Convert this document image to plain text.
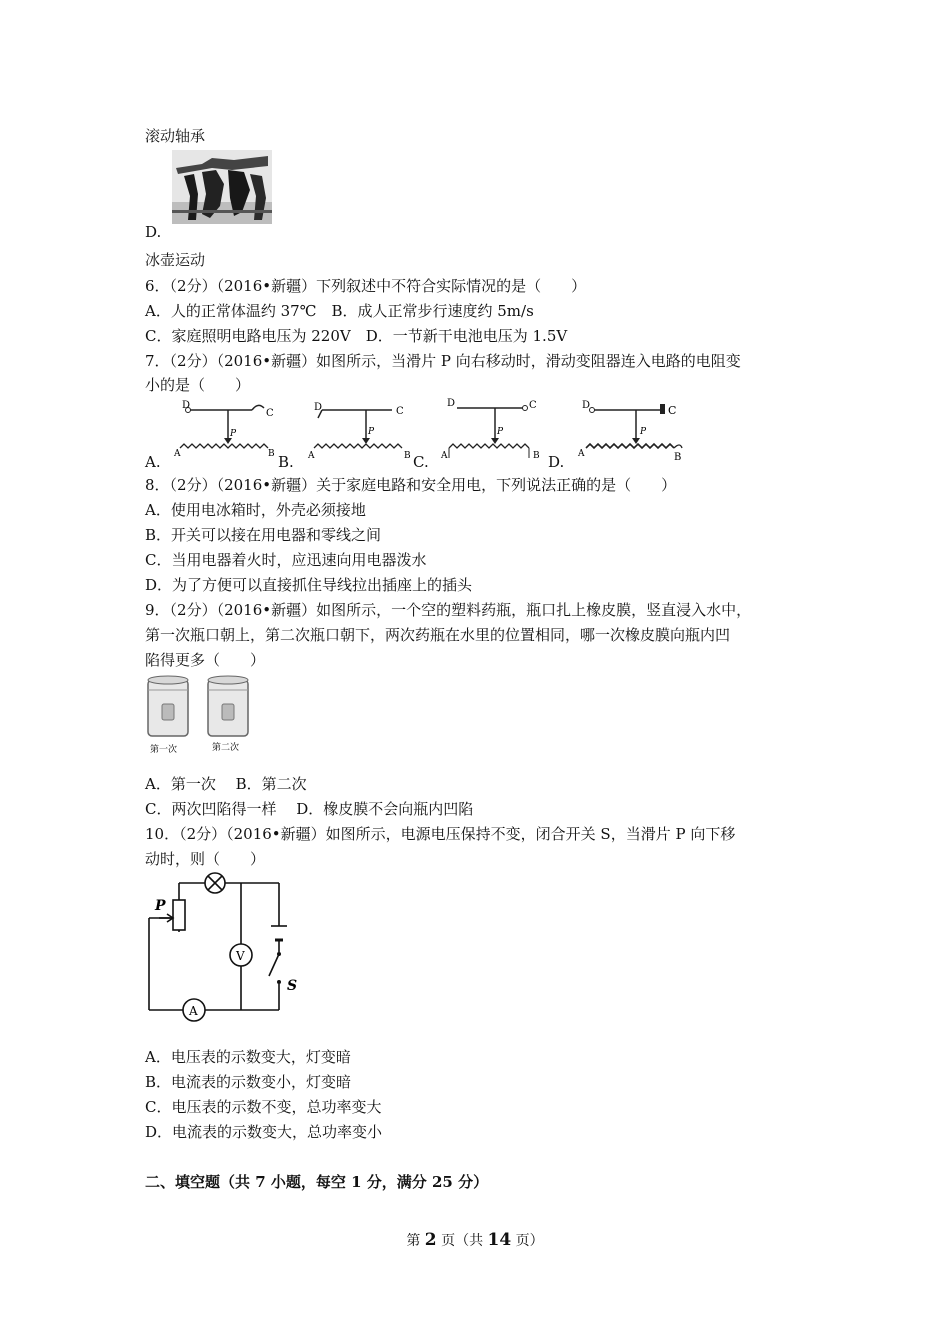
滚动轴承
D.
冰壶运动
6．（2分）（2016•新疆）下列叙述中不符合实际情况的是（　　）
A．人的正常体温约 37℃　B．成人正常步行速度约 5m/s
C．家庭照明电路电压为 220V　D．一节新干电池电压为 1.5V
7．（2分）（2016•新疆）如图所示，当滑片 P 向右移动时，滑动变阻器连入电路的电阻变
小的是（　　）
D
C
P
A	B
A.
D	C
P
A	B
B.
D	C
P
A	B
C.
D	C
P
A	B
D.
8．（2分）（2016•新疆）关于家庭电路和安全用电，下列说法正确的是（　　）
A．使用电冰箱时，外壳必须接地
B．开关可以接在用电器和零线之间
C．当用电器着火时，应迅速向用电器泼水
D．为了方便可以直接抓住导线拉出插座上的插头
9．（2分）（2016•新疆）如图所示，一个空的塑料药瓶，瓶口扎上橡皮膜，竖直浸入水中，
第一次瓶口朝上，第二次瓶口朝下，两次药瓶在水里的位置相同，哪一次橡皮膜向瓶内凹
陷得更多（　　）
第一次	第二次
A．第一次　 B．第二次
C．两次凹陷得一样　 D．橡皮膜不会向瓶内凹陷
10．（2分）（2016•新疆）如图所示，电源电压保持不变，闭合开关 S，当滑片 P 向下移
动时，则（　　）
P
V
S
A
A．电压表的示数变大，灯变暗
B．电流表的示数变小，灯变暗
C．电压表的示数不变，总功率变大
D．电流表的示数变大，总功率变小
二、填空题（共 7 小题，每空 1 分，满分 25 分）
第 2 页（共 14 页）
